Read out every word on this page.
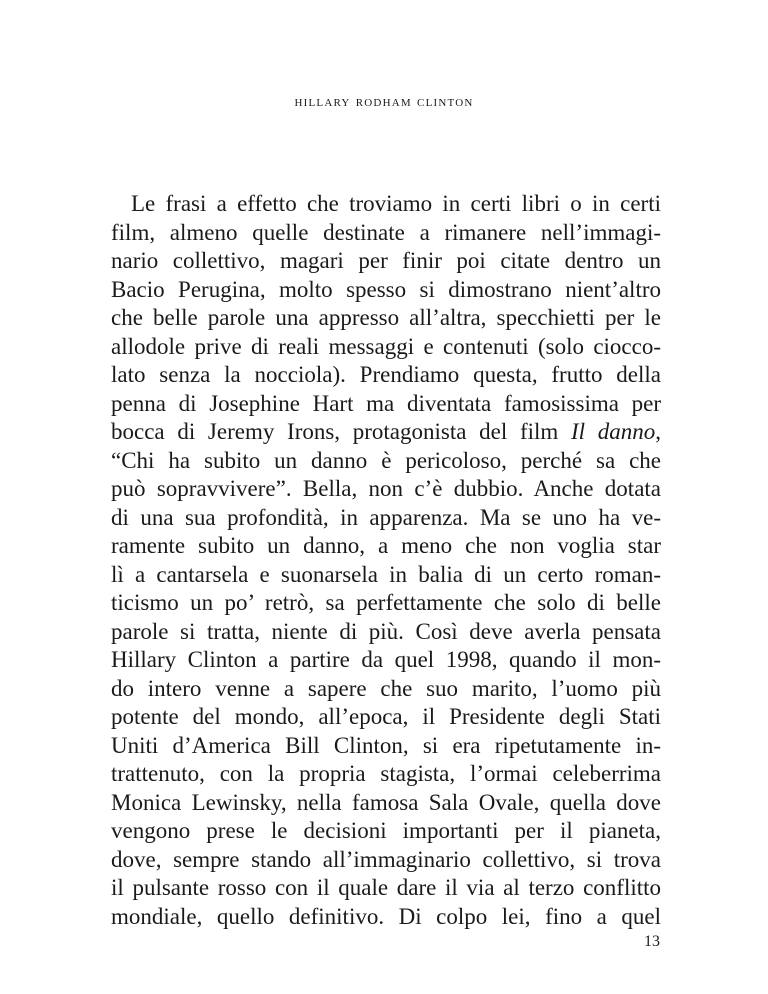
hillary rodham clinton
Le frasi a effetto che troviamo in certi libri o in certi
film, almeno quelle destinate a rimanere nell’immagi-
nario collettivo, magari per finir poi citate dentro un
Bacio Perugina, molto spesso si dimostrano nient’altro
che belle parole una appresso all’altra, specchietti per le
allodole prive di reali messaggi e contenuti (solo ciocco-
lato senza la nocciola). Prendiamo questa, frutto della
penna di Josephine Hart ma diventata famosissima per
bocca di Jeremy Irons, protagonista del film Il danno,
“Chi ha subito un danno è pericoloso, perché sa che
può sopravvivere”. Bella, non c’è dubbio. Anche dotata
di una sua profondità, in apparenza. Ma se uno ha ve-
ramente subito un danno, a meno che non voglia star
lì a cantarsela e suonarsela in balia di un certo roman-
ticismo un po’ retrò, sa perfettamente che solo di belle
parole si tratta, niente di più. Così deve averla pensata
Hillary Clinton a partire da quel 1998, quando il mon-
do intero venne a sapere che suo marito, l’uomo più
potente del mondo, all’epoca, il Presidente degli Stati
Uniti d’America Bill Clinton, si era ripetutamente in-
trattenuto, con la propria stagista, l’ormai celeberrima
Monica Lewinsky, nella famosa Sala Ovale, quella dove
vengono prese le decisioni importanti per il pianeta,
dove, sempre stando all’immaginario collettivo, si trova
il pulsante rosso con il quale dare il via al terzo conflitto
mondiale, quello definitivo. Di colpo lei, fino a quel
13
